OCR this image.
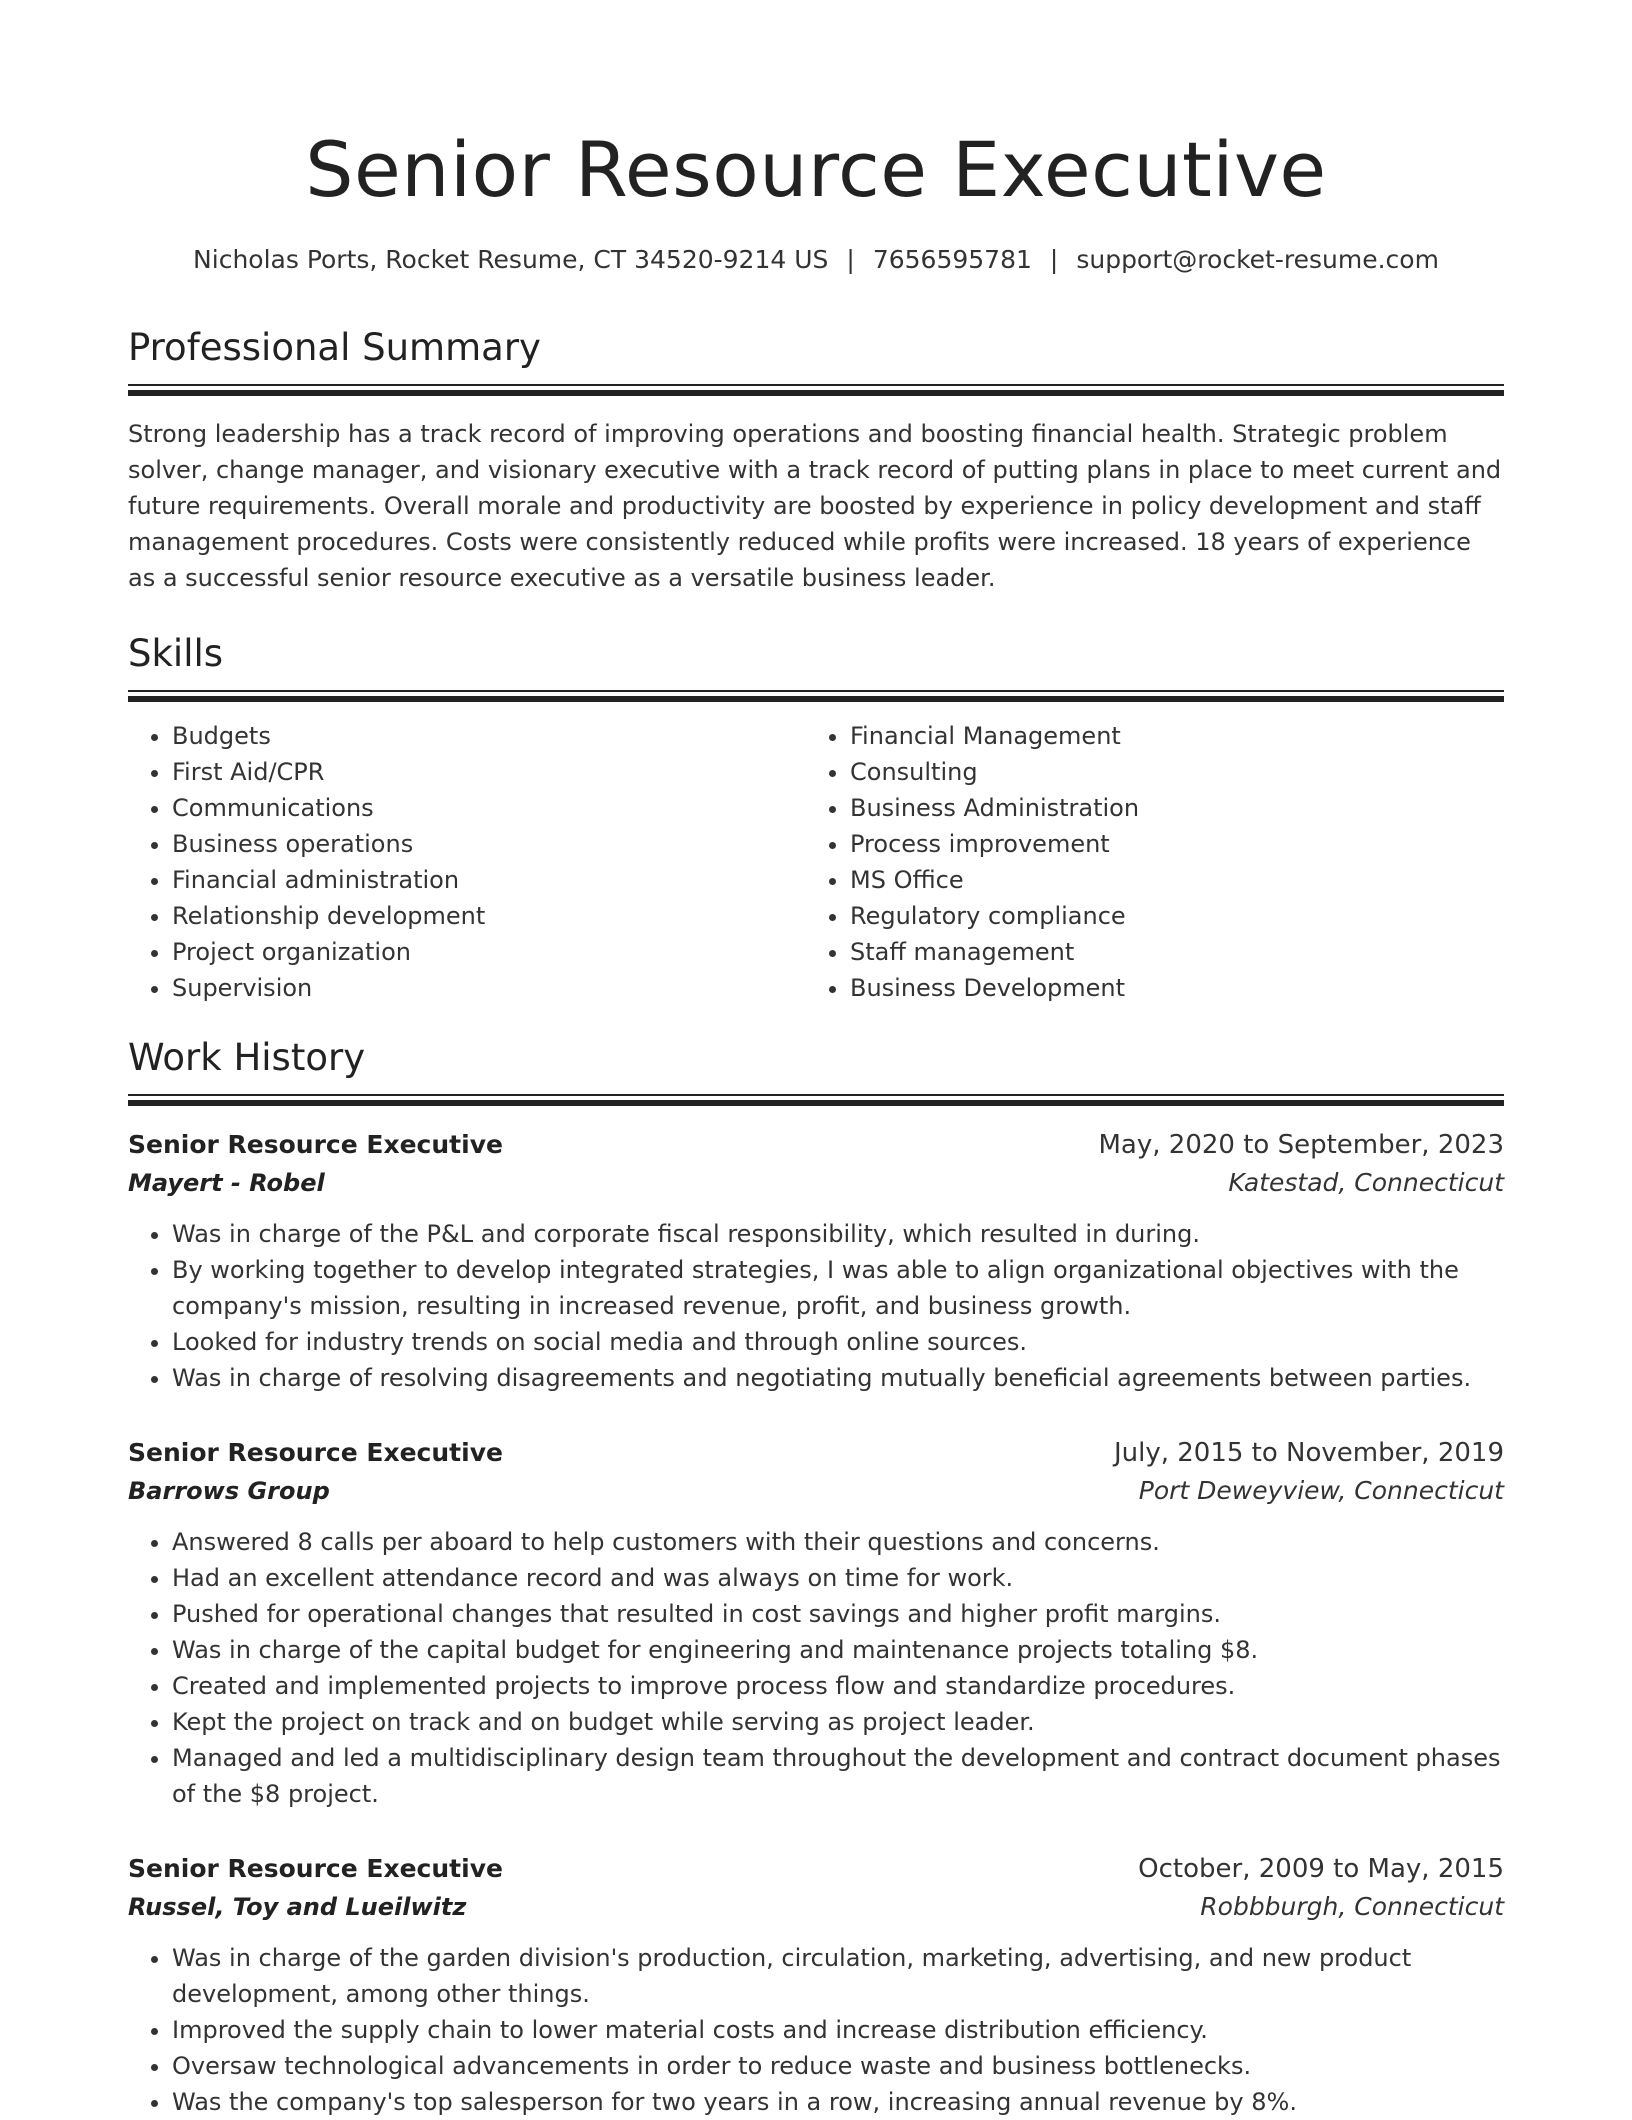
Senior Resource Executive
Nicholas Ports, Rocket Resume, CT 34520-9214 US | 7656595781 | support@rocket-resume.com
Professional Summary

Strong leadership has a track record of improving operations and boosting financial health. Strategic problem solver, change manager, and visionary executive with a track record of putting plans in place to meet current and future requirements. Overall morale and productivity are boosted by experience in policy development and staff management procedures. Costs were consistently reduced while profits were increased. 18 years of experience as a successful senior resource executive as a versatile business leader.

Skills
• Budgets
• First Aid/CPR
• Communications
• Business operations
• Financial administration
• Relationship development
• Project organization
• Supervision
• Financial Management
• Consulting
• Business Administration
• Process improvement
• MS Office
• Regulatory compliance
• Staff management
• Business Development
Work History
Senior Resource Executive	May, 2020 to September, 2023
Mayert - Robel	Katestad, Connecticut
• Was in charge of the P&L and corporate fiscal responsibility, which resulted in during.
• By working together to develop integrated strategies, I was able to align organizational objectives with the company's mission, resulting in increased revenue, profit, and business growth.
• Looked for industry trends on social media and through online sources.
• Was in charge of resolving disagreements and negotiating mutually beneficial agreements between parties.
Senior Resource Executive	July, 2015 to November, 2019
Barrows Group	Port Deweyview, Connecticut
• Answered 8 calls per aboard to help customers with their questions and concerns.
• Had an excellent attendance record and was always on time for work.
• Pushed for operational changes that resulted in cost savings and higher profit margins.
• Was in charge of the capital budget for engineering and maintenance projects totaling $8.
• Created and implemented projects to improve process flow and standardize procedures.
• Kept the project on track and on budget while serving as project leader.
• Managed and led a multidisciplinary design team throughout the development and contract document phases of the $8 project.
Senior Resource Executive	October, 2009 to May, 2015
Russel, Toy and Lueilwitz	Robbburgh, Connecticut
• Was in charge of the garden division's production, circulation, marketing, advertising, and new product development, among other things.
• Improved the supply chain to lower material costs and increase distribution efficiency.
• Oversaw technological advancements in order to reduce waste and business bottlenecks.
• Was the company's top salesperson for two years in a row, increasing annual revenue by 8%.
